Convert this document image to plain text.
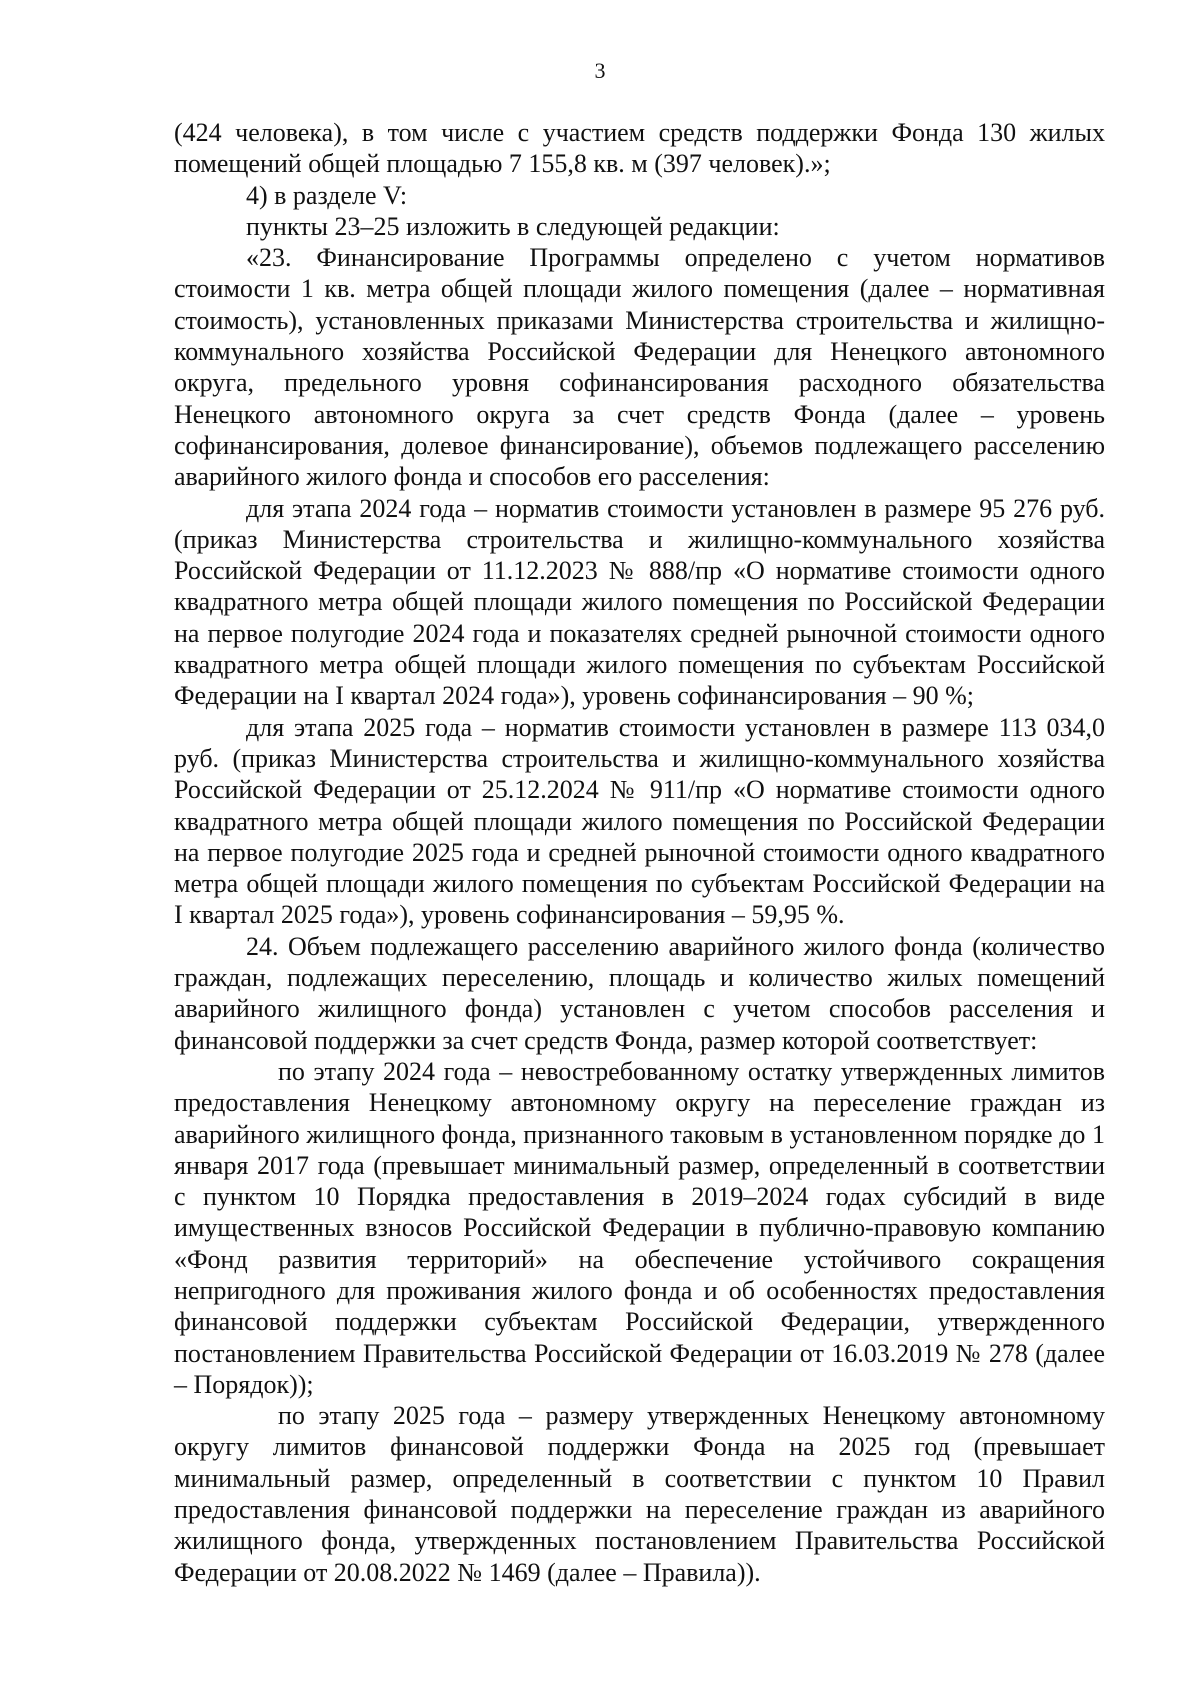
3

(424 человека), в том числе с участием средств поддержки Фонда 130 жилых помещений общей площадью 7 155,8 кв. м (397 человек).»;

4) в разделе V:

пункты 23–25 изложить в следующей редакции:

«23. Финансирование Программы определено с учетом нормативов стоимости 1 кв. метра общей площади жилого помещения (далее – нормативная стоимость), установленных приказами Министерства строительства и жилищно-коммунального хозяйства Российской Федерации для Ненецкого автономного округа, предельного уровня софинансирования расходного обязательства Ненецкого автономного округа за счет средств Фонда (далее – уровень софинансирования, долевое финансирование), объемов подлежащего расселению аварийного жилого фонда и способов его расселения:

для этапа 2024 года – норматив стоимости установлен в размере 95 276 руб. (приказ Министерства строительства и жилищно-коммунального хозяйства Российской Федерации от 11.12.2023 № 888/пр «О нормативе стоимости одного квадратного метра общей площади жилого помещения по Российской Федерации на первое полугодие 2024 года и показателях средней рыночной стоимости одного квадратного метра общей площади жилого помещения по субъектам Российской Федерации на I квартал 2024 года»), уровень софинансирования – 90 %;

для этапа 2025 года – норматив стоимости установлен в размере 113 034,0 руб. (приказ Министерства строительства и жилищно-коммунального хозяйства Российской Федерации от 25.12.2024 № 911/пр «О нормативе стоимости одного квадратного метра общей площади жилого помещения по Российской Федерации на первое полугодие 2025 года и средней рыночной стоимости одного квадратного метра общей площади жилого помещения по субъектам Российской Федерации на I квартал 2025 года»), уровень софинансирования – 59,95 %.

24. Объем подлежащего расселению аварийного жилого фонда (количество граждан, подлежащих переселению, площадь и количество жилых помещений аварийного жилищного фонда) установлен с учетом способов расселения и финансовой поддержки за счет средств Фонда, размер которой соответствует:

по этапу 2024 года – невостребованному остатку утвержденных лимитов предоставления Ненецкому автономному округу на переселение граждан из аварийного жилищного фонда, признанного таковым в установленном порядке до 1 января 2017 года (превышает минимальный размер, определенный в соответствии с пунктом 10 Порядка предоставления в 2019–2024 годах субсидий в виде имущественных взносов Российской Федерации в публично-правовую компанию «Фонд развития территорий» на обеспечение устойчивого сокращения непригодного для проживания жилого фонда и об особенностях предоставления финансовой поддержки субъектам Российской Федерации, утвержденного постановлением Правительства Российской Федерации от 16.03.2019 № 278 (далее – Порядок));

по этапу 2025 года – размеру утвержденных Ненецкому автономному округу лимитов финансовой поддержки Фонда на 2025 год (превышает минимальный размер, определенный в соответствии с пунктом 10 Правил предоставления финансовой поддержки на переселение граждан из аварийного жилищного фонда, утвержденных постановлением Правительства Российской Федерации от 20.08.2022 № 1469 (далее – Правила)).
